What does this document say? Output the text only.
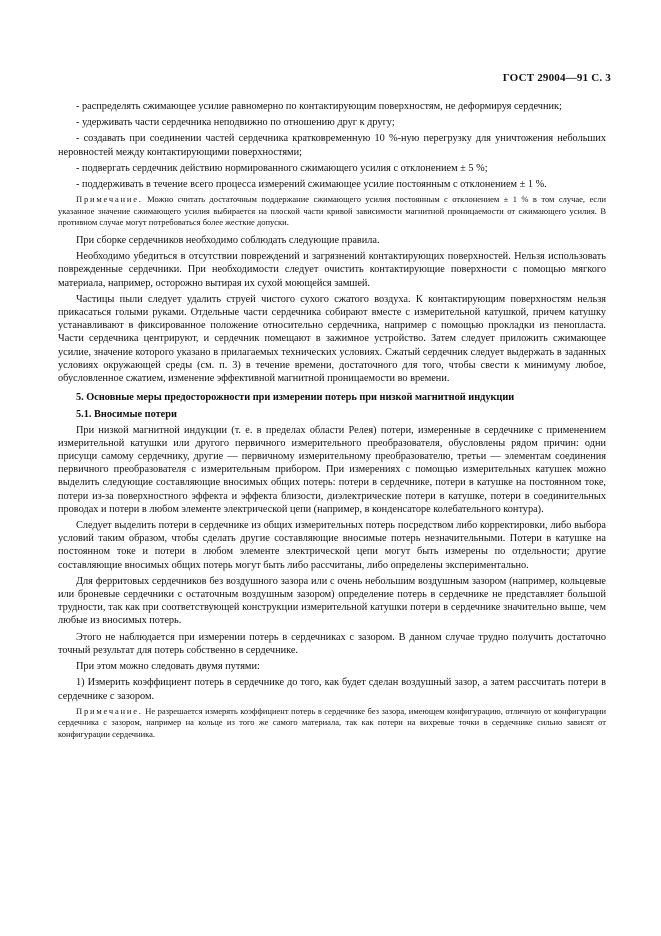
ГОСТ 29004—91 С. 3

- распределять сжимающее усилие равномерно по контактирующим поверхностям, не деформируя сердечник;

- удерживать части сердечника неподвижно по отношению друг к другу;

- создавать при соединении частей сердечника кратковременную 10 %-ную перегрузку для уничтожения небольших неровностей между контактирующими поверхностями;

- подвергать сердечник действию нормированного сжимающего усилия с отклонением ± 5 %;

- поддерживать в течение всего процесса измерений сжимающее усилие постоянным с отклонением ± 1 %.

Примечание. Можно считать достаточным поддержание сжимающего усилия постоянным с отклонением ± 1 % в том случае, если указанное значение сжимающего усилия выбирается на плоской части кривой зависимости магнитной проницаемости от сжимающего усилия. В противном случае могут потребоваться более жесткие допуски.

При сборке сердечников необходимо соблюдать следующие правила.

Необходимо убедиться в отсутствии повреждений и загрязнений контактирующих поверхностей. Нельзя использовать поврежденные сердечники. При необходимости следует очистить контактирующие поверхности с помощью мягкого материала, например, осторожно вытирая их сухой моющейся замшей.

Частицы пыли следует удалить струей чистого сухого сжатого воздуха. К контактирующим поверхностям нельзя прикасаться голыми руками. Отдельные части сердечника собирают вместе с измерительной катушкой, причем катушку устанавливают в фиксированное положение относительно сердечника, например с помощью прокладки из пенопласта. Части сердечника центрируют, и сердечник помещают в зажимное устройство. Затем следует приложить сжимающее усилие, значение которого указано в прилагаемых технических условиях. Сжатый сердечник следует выдержать в заданных условиях окружающей среды (см. п. 3) в течение времени, достаточного для того, чтобы свести к минимуму любое, обусловленное сжатием, изменение эффективной магнитной проницаемости во времени.

5. Основные меры предосторожности при измерении потерь при низкой магнитной индукции
5.1. Вносимые потери

При низкой магнитной индукции (т. е. в пределах области Релея) потери, измеренные в сердечнике с применением измерительной катушки или другого первичного измерительного преобразователя, обусловлены рядом причин: одни присущи самому сердечнику, другие — первичному измерительному преобразователю, третьи — элементам соединения первичного преобразователя с измерительным прибором. При измерениях с помощью измерительных катушек можно выделить следующие составляющие вносимых общих потерь: потери в сердечнике, потери в катушке на постоянном токе, потери из-за поверхностного эффекта и эффекта близости, диэлектрические потери в катушке, потери в соединительных проводах и потери в любом элементе электрической цепи (например, в конденсаторе колебательного контура).

Следует выделить потери в сердечнике из общих измерительных потерь посредством либо корректировки, либо выбора условий таким образом, чтобы сделать другие составляющие вносимые потерь незначительными. Потери в катушке на постоянном токе и потери в любом элементе электрической цепи могут быть измерены по отдельности; другие составляющие вносимых общих потерь могут быть либо рассчитаны, либо определены экспериментально.

Для ферритовых сердечников без воздушного зазора или с очень небольшим воздушным зазором (например, кольцевые или броневые сердечники с остаточным воздушным зазором) определение потерь в сердечнике не представляет большой трудности, так как при соответствующей конструкции измерительной катушки потери в сердечнике значительно выше, чем любые из вносимых потерь.

Этого не наблюдается при измерении потерь в сердечниках с зазором. В данном случае трудно получить достаточно точный результат для потерь собственно в сердечнике.

При этом можно следовать двумя путями:

1) Измерить коэффициент потерь в сердечнике до того, как будет сделан воздушный зазор, а затем рассчитать потери в сердечнике с зазором.

Примечание. Не разрешается измерять коэффициент потерь в сердечнике без зазора, имеющем конфигурацию, отличную от конфигурации сердечника с зазором, например на кольце из того же самого материала, так как потери на вихревые точки в сердечнике сильно зависят от конфигурации сердечника.
